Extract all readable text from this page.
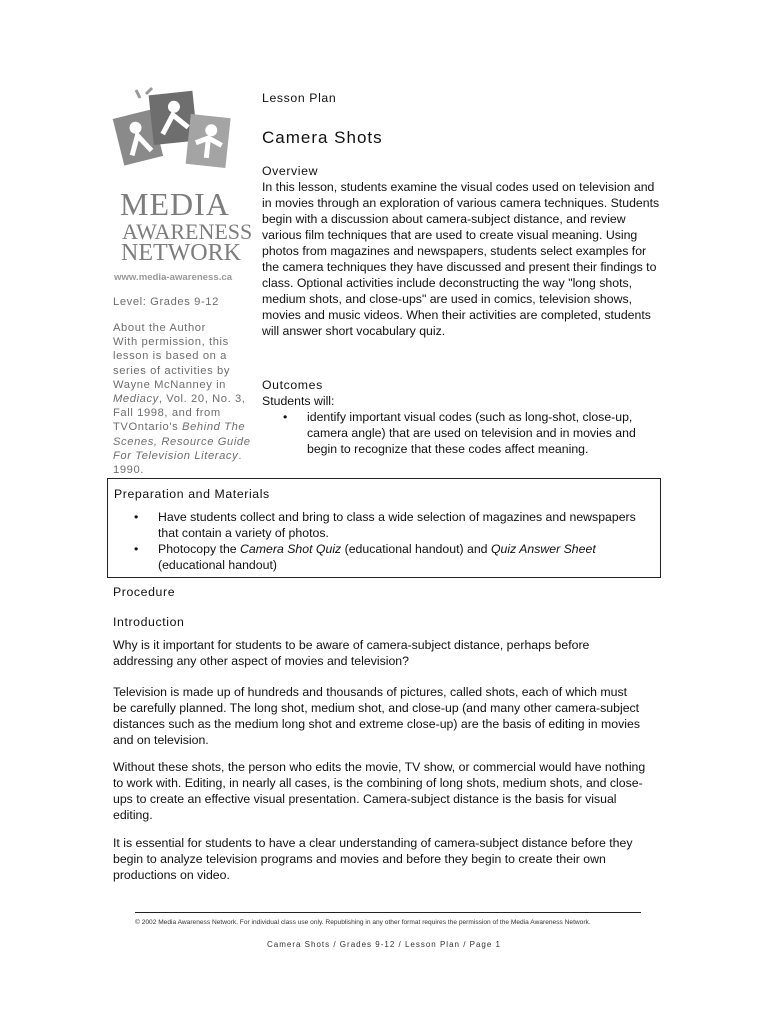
MEDIA
AWARENESS
NETWORK
www.media-awareness.ca
Level: Grades 9-12
About the Author
With permission, this lesson is based on a series of activities by Wayne McNanney in Mediacy, Vol. 20, No. 3, Fall 1998, and from TVOntario's Behind The Scenes, Resource Guide For Television Literacy. 1990.
Lesson Plan
Camera Shots
Overview

In this lesson, students examine the visual codes used on television and in movies through an exploration of various camera techniques. Students begin with a discussion about camera-subject distance, and review various film techniques that are used to create visual meaning. Using photos from magazines and newspapers, students select examples for the camera techniques they have discussed and present their findings to class. Optional activities include deconstructing the way "long shots, medium shots, and close-ups" are used in comics, television shows, movies and music videos. When their activities are completed, students will answer short vocabulary quiz.

Outcomes
Students will:
• identify important visual codes (such as long-shot, close-up, camera angle) that are used on television and in movies and begin to recognize that these codes affect meaning.
Preparation and Materials
• Have students collect and bring to class a wide selection of magazines and newspapers that contain a variety of photos.
• Photocopy the Camera Shot Quiz (educational handout) and Quiz Answer Sheet (educational handout)
Procedure
Introduction

Why is it important for students to be aware of camera-subject distance, perhaps before addressing any other aspect of movies and television?

Television is made up of hundreds and thousands of pictures, called shots, each of which must be carefully planned. The long shot, medium shot, and close-up (and many other camera-subject distances such as the medium long shot and extreme close-up) are the basis of editing in movies and on television.

Without these shots, the person who edits the movie, TV show, or commercial would have nothing to work with. Editing, in nearly all cases, is the combining of long shots, medium shots, and close-ups to create an effective visual presentation. Camera-subject distance is the basis for visual editing.

It is essential for students to have a clear understanding of camera-subject distance before they begin to analyze television programs and movies and before they begin to create their own productions on video.

© 2002 Media Awareness Network. For individual class use only. Republishing in any other format requires the permission of the Media Awareness Network.
Camera Shots / Grades 9-12 / Lesson Plan / Page 1
